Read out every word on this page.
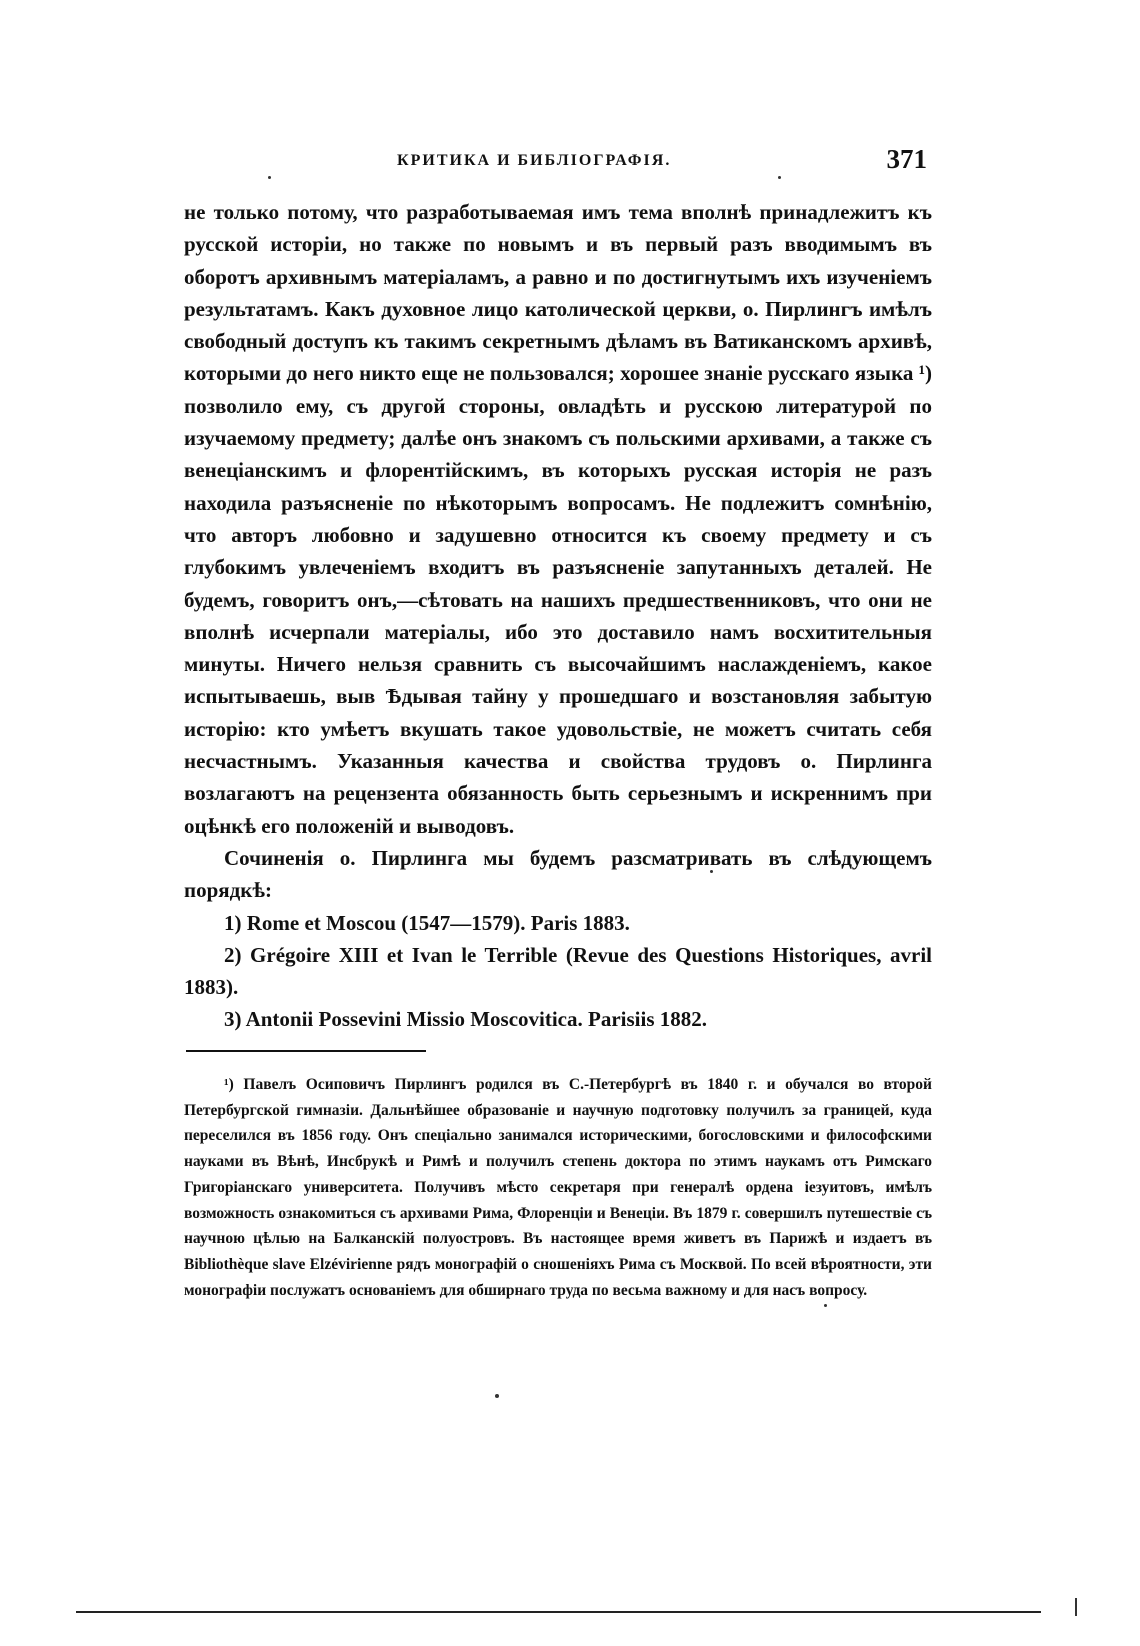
КРИТИКА И БИБЛІОГРАФІЯ.	371

не только потому, что разработываемая имъ тема вполнѣ принадлежитъ къ русской исторіи, но также по новымъ и въ первый разъ вводимымъ въ оборотъ архивнымъ матеріаламъ, а равно и по достигнутымъ ихъ изученіемъ результатамъ. Какъ духовное лицо католической церкви, о. Пирлингъ имѣлъ свободный доступъ къ такимъ секретнымъ дѣламъ въ Ватиканскомъ архивѣ, которыми до него никто еще не пользовался; хорошее знаніе русскаго языка ¹) позволило ему, съ другой стороны, овладѣть и русскою литературой по изучаемому предмету; далѣе онъ знакомъ съ польскими архивами, а также съ венеціанскимъ и флорентійскимъ, въ которыхъ русская исторія не разъ находила разъясненіе по нѣкоторымъ вопросамъ. Не подлежитъ сомнѣнію, что авторъ любовно и задушевно относится къ своему предмету и съ глубокимъ увлеченіемъ входитъ въ разъясненіе запутанныхъ деталей. Не будемъ, говоритъ онъ,—сѣтовать на нашихъ предшественниковъ, что они не вполнѣ исчерпали матеріалы, ибо это доставило намъ восхитительныя минуты. Ничего нельзя сравнить съ высочайшимъ наслажденіемъ, какое испытываешь, выв Ѣдывая тайну у прошедшаго и возстановляя забытую исторію: кто умѣетъ вкушать такое удовольствіе, не можетъ считать себя несчастнымъ. Указанныя качества и свойства трудовъ о. Пирлинга возлагаютъ на рецензента обязанность быть серьезнымъ и искреннимъ при оцѣнкѣ его положеній и выводовъ.

Сочиненія о. Пирлинга мы будемъ разсматривать въ слѣдующемъ порядкѣ:

1) Rome et Moscou (1547—1579). Paris 1883.

2) Grégoire XIII et Ivan le Terrible (Revue des Questions Historiques, avril 1883).

3) Antonii Possevini Missio Moscovitica. Parisiis 1882.

¹) Павелъ Осиповичъ Пирлингъ родился въ С.-Петербургѣ въ 1840 г. и обучался во второй Петербургской гимназіи. Дальнѣйшее образованіе и научную подготовку получилъ за границей, куда переселился въ 1856 году. Онъ спеціально занимался историческими, богословскими и философскими науками въ Вѣнѣ, Инсбрукѣ и Римѣ и получилъ степень доктора по этимъ наукамъ отъ Римскаго Григоріанскаго университета. Получивъ мѣсто секретаря при генералѣ ордена іезуитовъ, имѣлъ возможность ознакомиться съ архивами Рима, Флоренціи и Венеціи. Въ 1879 г. совершилъ путешествіе съ научною цѣлью на Балканскій полуостровъ. Въ настоящее время живетъ въ Парижѣ и издаетъ въ Bibliothèque slave Elzévirienne рядъ монографій о сношеніяхъ Рима съ Москвой. По всей вѣроятности, эти монографіи послужатъ основаніемъ для обширнаго труда по весьма важному и для насъ вопросу.
